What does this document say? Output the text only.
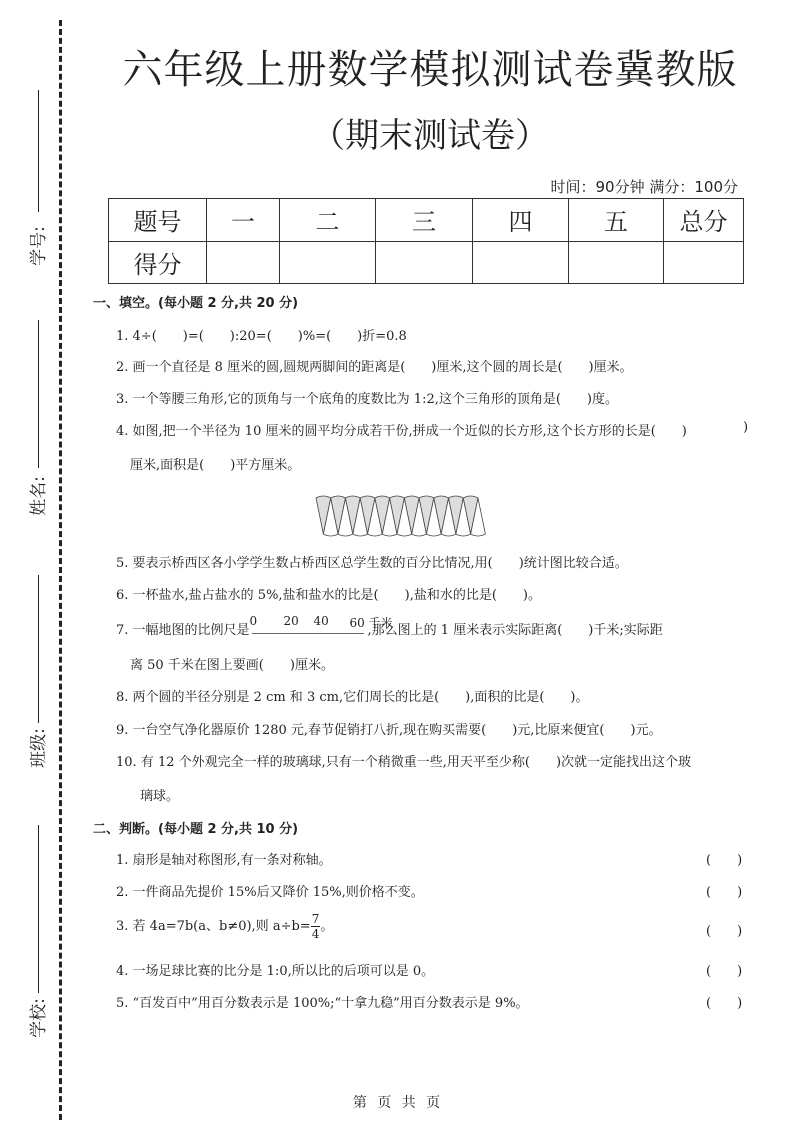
学号:
姓名:
班级:
学校:
六年级上册数学模拟测试卷冀教版
（期末测试卷）
时间：90分钟 满分：100分
题号	一	二	三	四	五	总分
得分						
一、填空。(每小题 2 分,共 20 分)
1. 4÷(　　)=(　　):20=(　　)%=(　　)折=0.8
2. 画一个直径是 8 厘米的圆,圆规两脚间的距离是(　　)厘米,这个圆的周长是(　　)厘米。
3. 一个等腰三角形,它的顶角与一个底角的度数比为 1:2,这个三角形的顶角是(　　)度。
4. 如图,把一个半径为 10 厘米的圆平均分成若干份,拼成一个近似的长方形,这个长方形的长是(　　)	)
厘米,面积是(　　)平方厘米。
5. 要表示桥西区各小学学生数占桥西区总学生数的百分比情况,用(　　)统计图比较合适。
6. 一杯盐水,盐占盐水的 5%,盐和盐水的比是(　　),盐和水的比是(　　)。
7. 一幅地图的比例尺是
0 20 40 60 千米
,那么图上的 1 厘米表示实际距离(　　)千米;实际距
离 50 千米在图上要画(　　)厘米。
8. 两个圆的半径分别是 2 cm 和 3 cm,它们周长的比是(　　),面积的比是(　　)。
9. 一台空气净化器原价 1280 元,春节促销打八折,现在购买需要(　　)元,比原来便宜(　　)元。
10. 有 12 个外观完全一样的玻璃球,只有一个稍微重一些,用天平至少称(　　)次就一定能找出这个玻
璃球。
二、判断。(每小题 2 分,共 10 分)
1. 扇形是轴对称图形,有一条对称轴。	(　　)
2. 一件商品先提价 15%后又降价 15%,则价格不变。	(　　)
3. 若 4a=7b(a、b≠0),则 $a\div b= \frac{7}{4}$。	(　　)
4. 一场足球比赛的比分是 1:0,所以比的后项可以是 0。	(　　)
5. “百发百中”用百分数表示是 100%;“十拿九稳”用百分数表示是 9%。	(　　)
第 页 共 页
